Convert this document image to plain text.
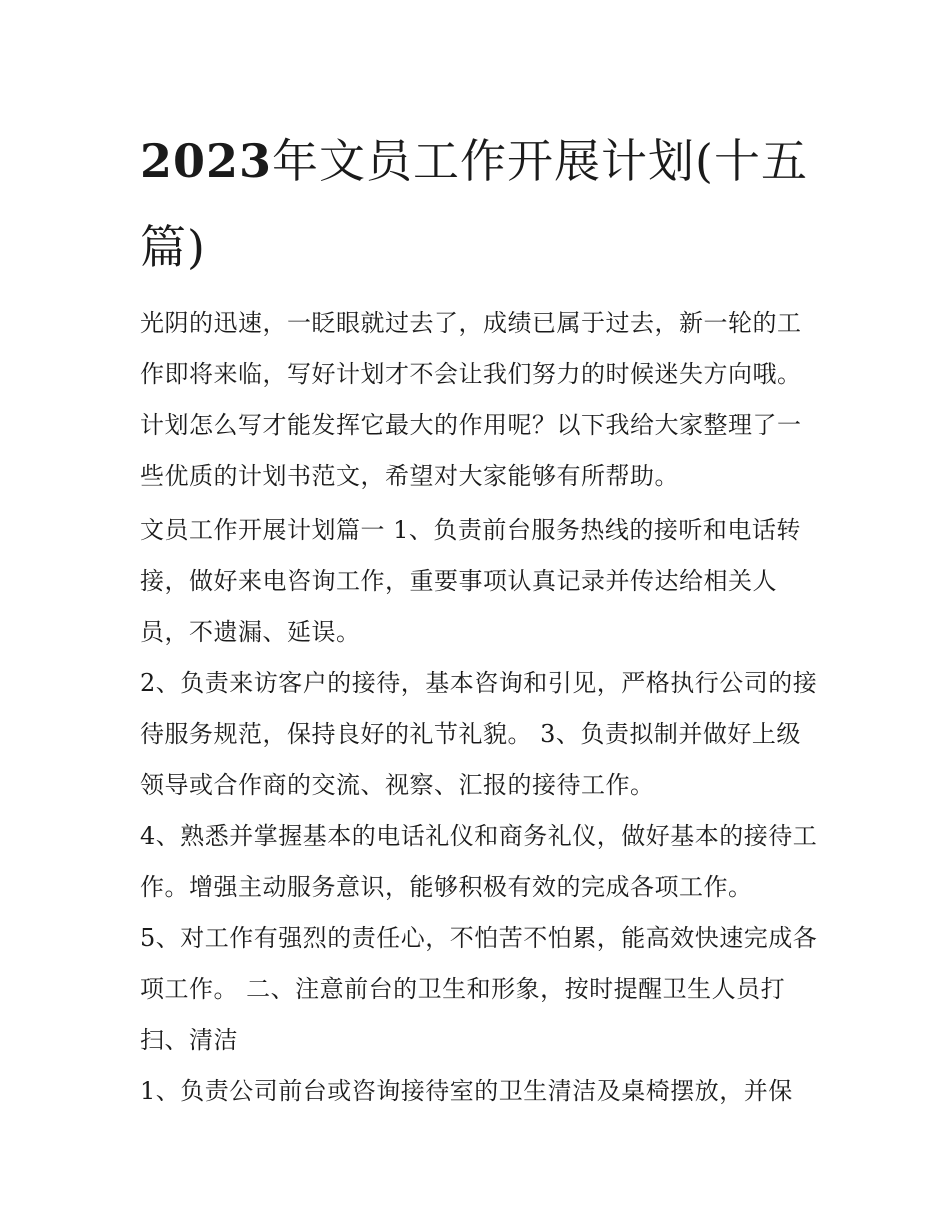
2023年文员工作开展计划(十五篇)

光阴的迅速，一眨眼就过去了，成绩已属于过去，新一轮的工作即将来临，写好计划才不会让我们努力的时候迷失方向哦。计划怎么写才能发挥它最大的作用呢？以下我给大家整理了一些优质的计划书范文，希望对大家能够有所帮助。

文员工作开展计划篇一 1、负责前台服务热线的接听和电话转接，做好来电咨询工作，重要事项认真记录并传达给相关人员，不遗漏、延误。

2、负责来访客户的接待，基本咨询和引见，严格执行公司的接待服务规范，保持良好的礼节礼貌。 3、负责拟制并做好上级领导或合作商的交流、视察、汇报的接待工作。

4、熟悉并掌握基本的电话礼仪和商务礼仪，做好基本的接待工作。增强主动服务意识，能够积极有效的完成各项工作。

5、对工作有强烈的责任心，不怕苦不怕累，能高效快速完成各项工作。 二、注意前台的卫生和形象，按时提醒卫生人员打扫、清洁

1、负责公司前台或咨询接待室的卫生清洁及桌椅摆放，并保
